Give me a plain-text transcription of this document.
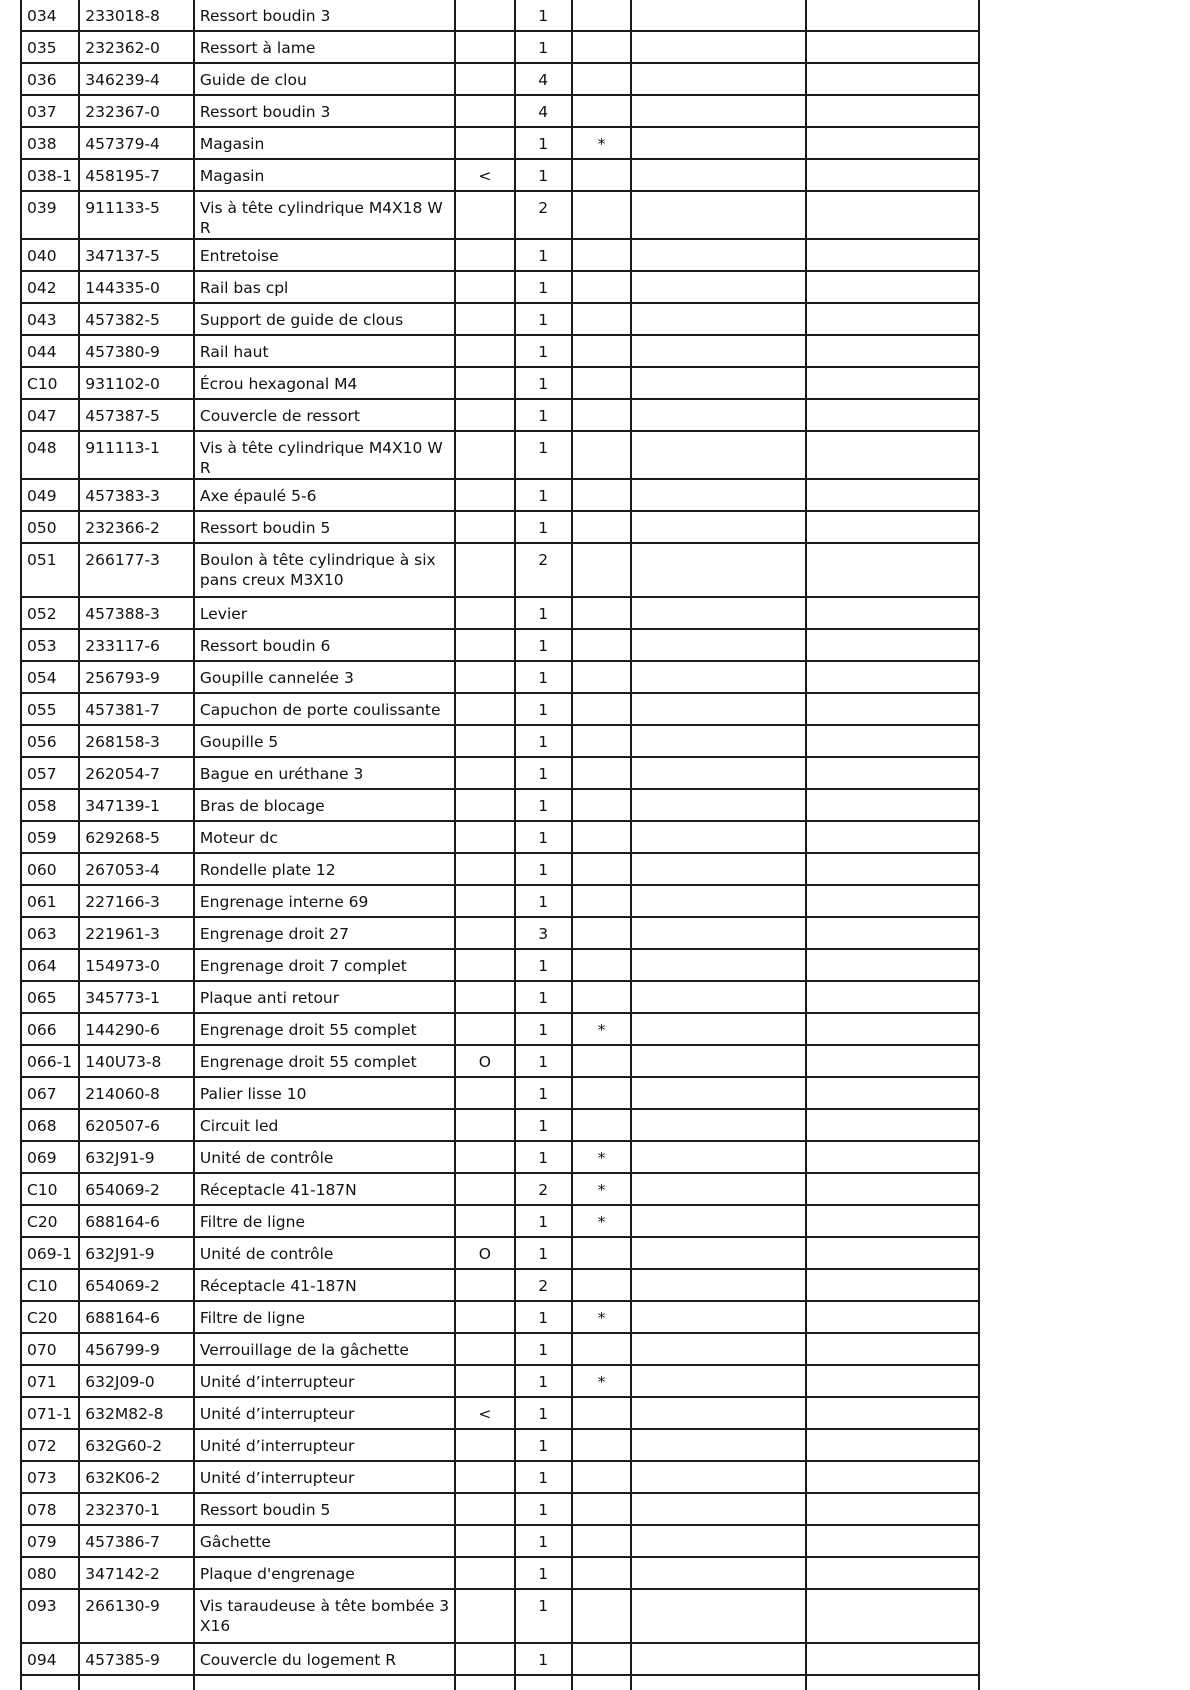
034	233018-8	Ressort boudin 3		1			
035	232362-0	Ressort à lame		1			
036	346239-4	Guide de clou		4			
037	232367-0	Ressort boudin 3		4			
038	457379-4	Magasin		1	*		
038-1	458195-7	Magasin	<	1			
039	911133-5	Vis à tête cylindrique M4X18 WR		2			
040	347137-5	Entretoise		1			
042	144335-0	Rail bas cpl		1			
043	457382-5	Support de guide de clous		1			
044	457380-9	Rail haut		1			
C10	931102-0	Écrou hexagonal M4		1			
047	457387-5	Couvercle de ressort		1			
048	911113-1	Vis à tête cylindrique M4X10 WR		1			
049	457383-3	Axe épaulé 5-6		1			
050	232366-2	Ressort boudin 5		1			
051	266177-3	Boulon à tête cylindrique à six pans creux M3X10		2			
052	457388-3	Levier		1			
053	233117-6	Ressort boudin 6		1			
054	256793-9	Goupille cannelée 3		1			
055	457381-7	Capuchon de porte coulissante		1			
056	268158-3	Goupille 5		1			
057	262054-7	Bague en uréthane 3		1			
058	347139-1	Bras de blocage		1			
059	629268-5	Moteur dc		1			
060	267053-4	Rondelle plate 12		1			
061	227166-3	Engrenage interne 69		1			
063	221961-3	Engrenage droit 27		3			
064	154973-0	Engrenage droit 7 complet		1			
065	345773-1	Plaque anti retour		1			
066	144290-6	Engrenage droit 55 complet		1	*		
066-1	140U73-8	Engrenage droit 55 complet	O	1			
067	214060-8	Palier lisse 10		1			
068	620507-6	Circuit led		1			
069	632J91-9	Unité de contrôle		1	*		
C10	654069-2	Réceptacle 41-187N		2	*		
C20	688164-6	Filtre de ligne		1	*		
069-1	632J91-9	Unité de contrôle	O	1			
C10	654069-2	Réceptacle 41-187N		2			
C20	688164-6	Filtre de ligne		1	*		
070	456799-9	Verrouillage de la gâchette		1			
071	632J09-0	Unité d’interrupteur		1	*		
071-1	632M82-8	Unité d’interrupteur	<	1			
072	632G60-2	Unité d’interrupteur		1			
073	632K06-2	Unité d’interrupteur		1			
078	232370-1	Ressort boudin 5		1			
079	457386-7	Gâchette		1			
080	347142-2	Plaque d'engrenage		1			
093	266130-9	Vis taraudeuse à tête bombée 3X16		1			
094	457385-9	Couvercle du logement R		1			
